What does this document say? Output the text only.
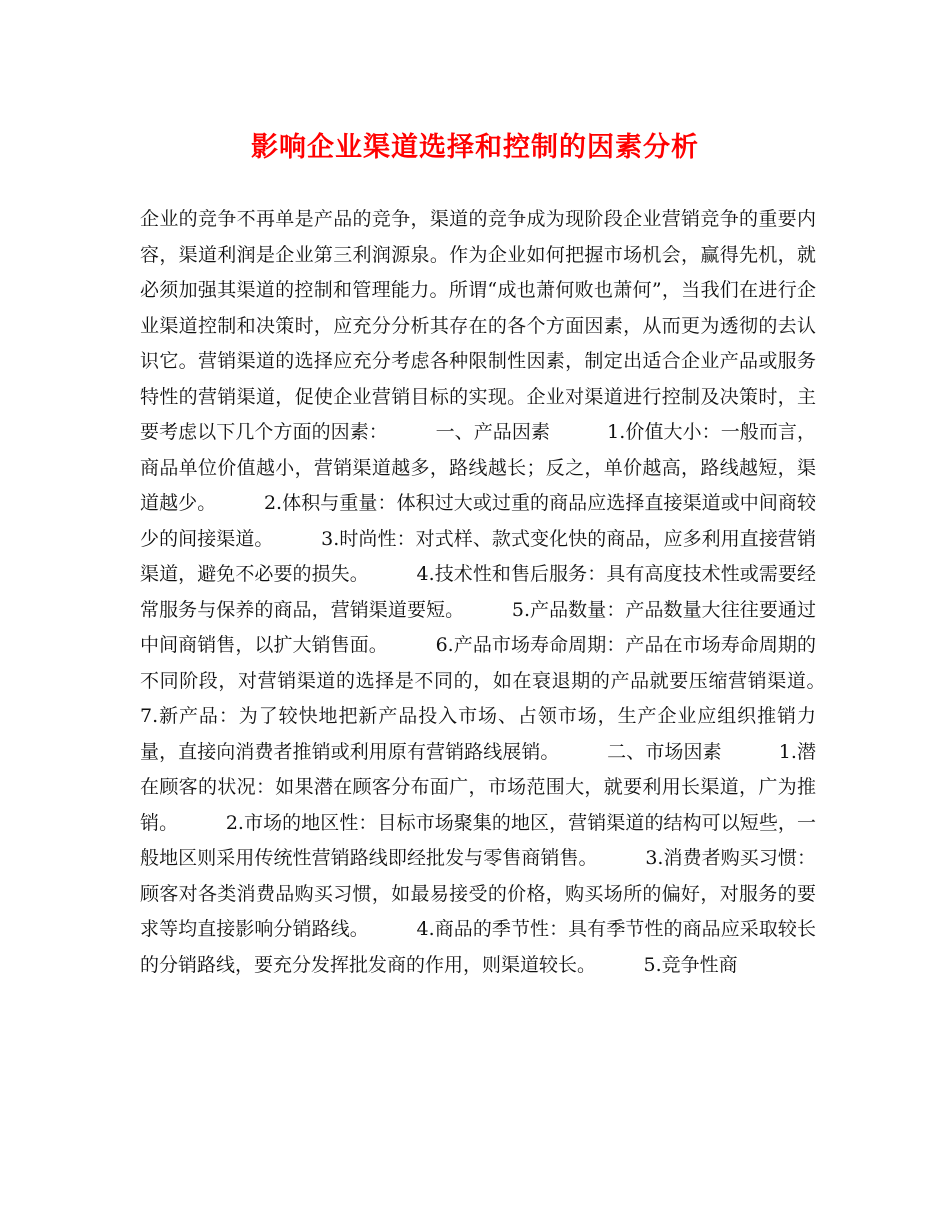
影响企业渠道选择和控制的因素分析

企业的竞争不再单是产品的竞争，渠道的竞争成为现阶段企业营销竞争的重要内容，渠道利润是企业第三利润源泉。作为企业如何把握市场机会，赢得先机，就必须加强其渠道的控制和管理能力。所谓“成也萧何败也萧何”，当我们在进行企业渠道控制和决策时，应充分分析其存在的各个方面因素，从而更为透彻的去认识它。营销渠道的选择应充分考虑各种限制性因素，制定出适合企业产品或服务特性的营销渠道，促使企业营销目标的实现。企业对渠道进行控制及决策时，主要考虑以下几个方面的因素：　　　一、产品因素　　　1.价值大小：一般而言，商品单位价值越小，营销渠道越多，路线越长；反之，单价越高，路线越短，渠道越少。　　　2.体积与重量：体积过大或过重的商品应选择直接渠道或中间商较少的间接渠道。　　　3.时尚性：对式样、款式变化快的商品，应多利用直接营销渠道，避免不必要的损失。　　　4.技术性和售后服务：具有高度技术性或需要经常服务与保养的商品，营销渠道要短。　　　5.产品数量：产品数量大往往要通过中间商销售，以扩大销售面。　　　6.产品市场寿命周期：产品在市场寿命周期的不同阶段，对营销渠道的选择是不同的，如在衰退期的产品就要压缩营销渠道。　　　7.新产品：为了较快地把新产品投入市场、占领市场，生产企业应组织推销力量，直接向消费者推销或利用原有营销路线展销。　　　二、市场因素　　　1.潜在顾客的状况：如果潜在顾客分布面广，市场范围大，就要利用长渠道，广为推销。　　　2.市场的地区性：目标市场聚集的地区，营销渠道的结构可以短些，一般地区则采用传统性营销路线即经批发与零售商销售。　　　3.消费者购买习惯：顾客对各类消费品购买习惯，如最易接受的价格，购买场所的偏好，对服务的要求等均直接影响分销路线。　　　4.商品的季节性：具有季节性的商品应采取较长的分销路线，要充分发挥批发商的作用，则渠道较长。　　　5.竞争性商
